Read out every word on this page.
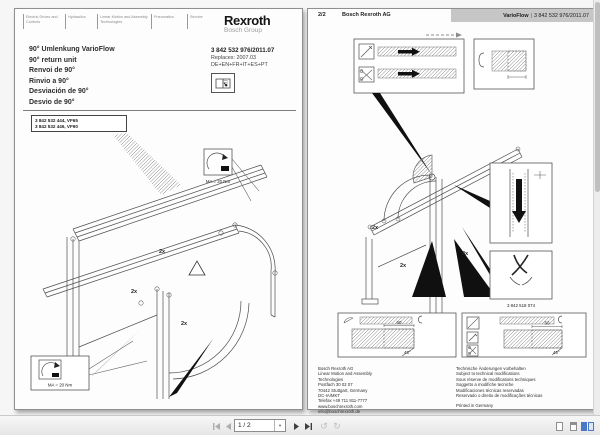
Electric Drives and Controls
Hydraulics	Linear Motion and Assembly Technologies
Pneumatics	Service	Rexroth
Bosch Group
90° Umlenkung VarioFlow
90° return unit
Renvoi de 90°
Rinvio a 90°
Desviación de 90°
Desvio de 90°
3 842 532 976/2011.07
Replaces: 2007.03
DE+EN+FR+IT+ES+PT
3 842 532 444, VF65
3 842 532 446, VF90
MA = 20 Nm
2x
2x
2x
MA = 20 Nm
2/2	Bosch Rexroth AG	VarioFlow | 3 842 532 976/2011.07
2x
2x
8x
3 842 518 074
50
45°
50
45°
Bosch Rexroth AG
Linear Motion and Assembly
Technologies
Postfach 30 02 07
70442 Stuttgart, Germany
DC-IA/MKT
Telefax +49 711 811-7777
www.boschrexroth.com
info@boschrexroth.de
Technische Änderungen vorbehalten
Subject to technical modifications
Sous réserve de modifications techniques
Soggetto a modifiche tecniche
Modificaciones técnicas reservadas
Reservado o direito de modificações técnicas
Printed in Germany
1 / 2
▾	↺ ↻
